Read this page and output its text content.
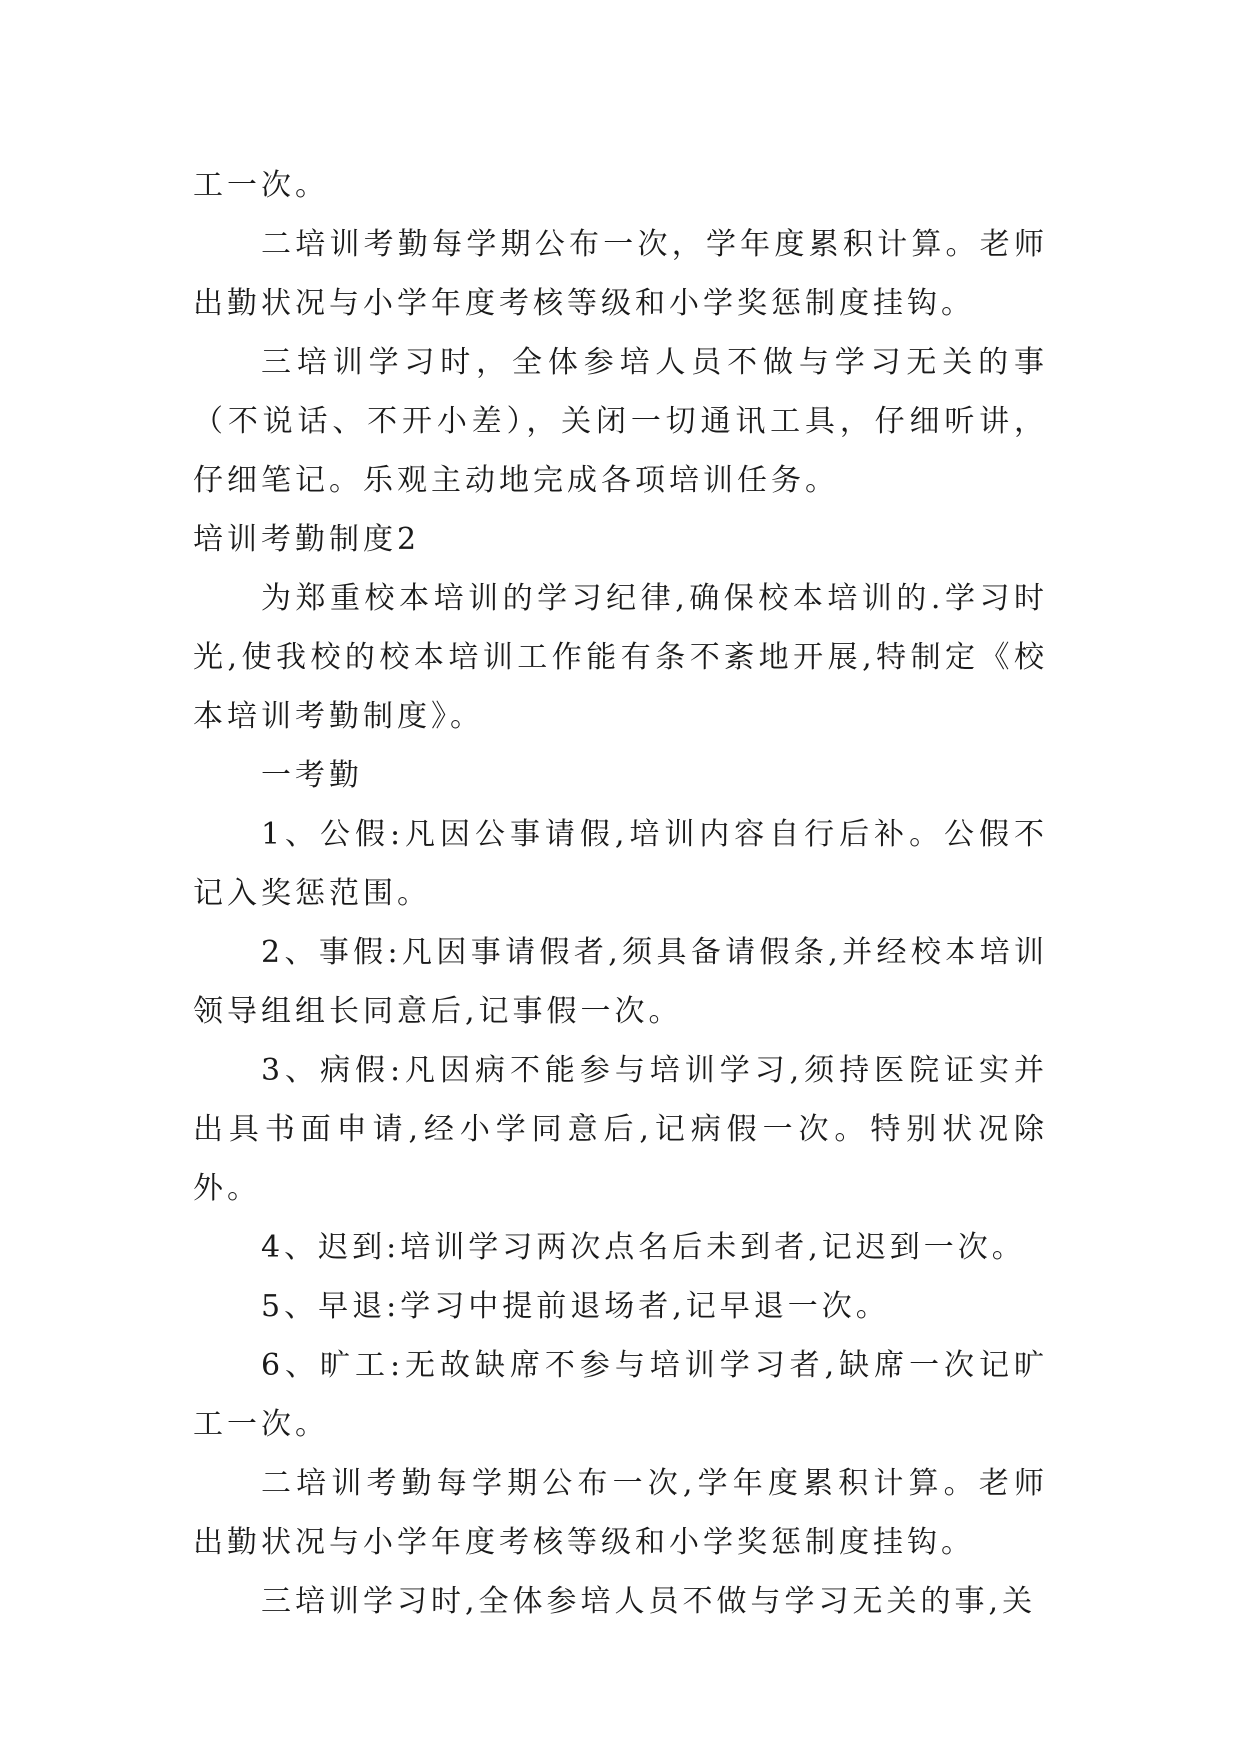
工一次。

二培训考勤每学期公布一次，学年度累积计算。老师出勤状况与小学年度考核等级和小学奖惩制度挂钩。

三培训学习时，全体参培人员不做与学习无关的事（不说话、不开小差），关闭一切通讯工具，仔细听讲，仔细笔记。乐观主动地完成各项培训任务。

培训考勤制度2

为郑重校本培训的学习纪律,确保校本培训的.学习时光,使我校的校本培训工作能有条不紊地开展,特制定《校本培训考勤制度》。

一考勤

1、公假:凡因公事请假,培训内容自行后补。公假不记入奖惩范围。

2、事假:凡因事请假者,须具备请假条,并经校本培训领导组组长同意后,记事假一次。

3、病假:凡因病不能参与培训学习,须持医院证实并出具书面申请,经小学同意后,记病假一次。特别状况除外。

4、迟到:培训学习两次点名后未到者,记迟到一次。

5、早退:学习中提前退场者,记早退一次。

6、旷工:无故缺席不参与培训学习者,缺席一次记旷工一次。

二培训考勤每学期公布一次,学年度累积计算。老师出勤状况与小学年度考核等级和小学奖惩制度挂钩。

三培训学习时,全体参培人员不做与学习无关的事,关
